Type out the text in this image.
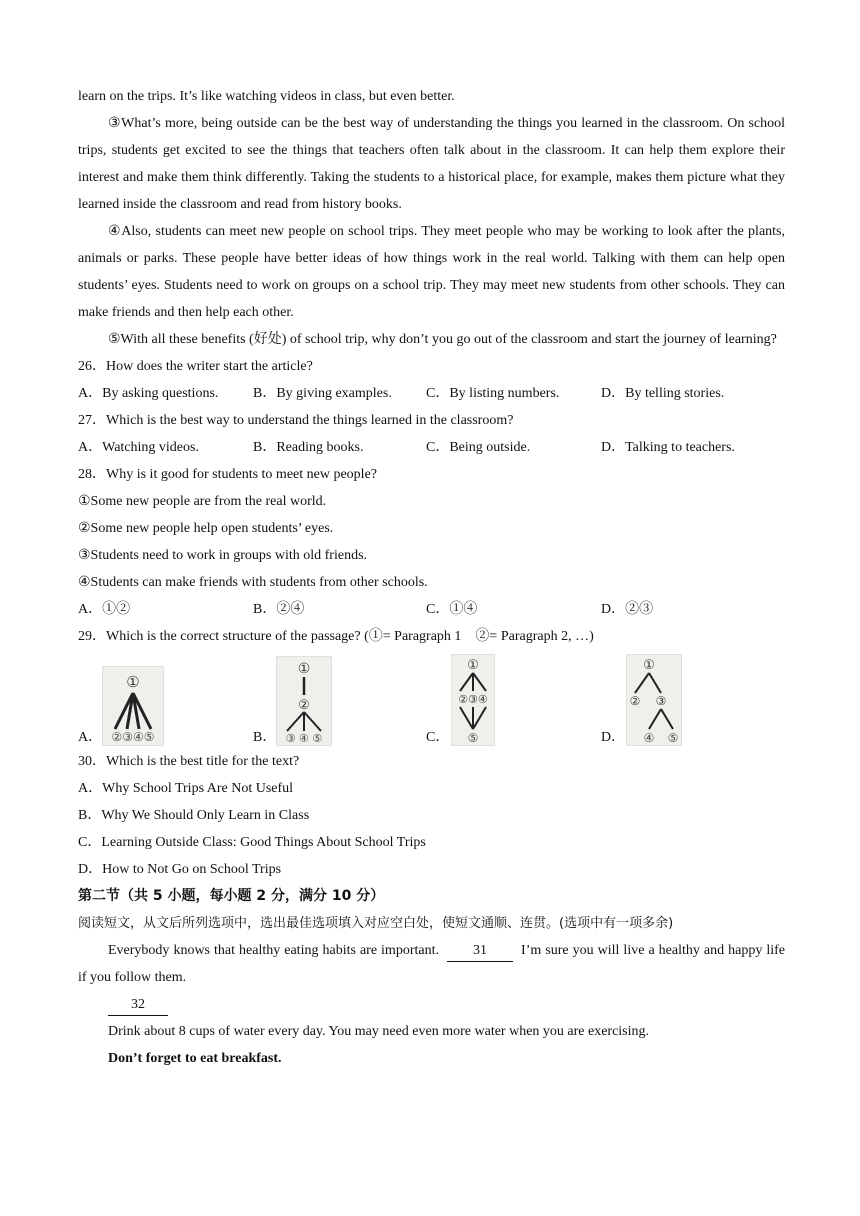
learn on the trips. It’s like watching videos in class, but even better.

③What’s more, being outside can be the best way of understanding the things you learned in the classroom. On school trips, students get excited to see the things that teachers often talk about in the classroom. It can help them explore their interest and make them think differently. Taking the students to a historical place, for example, makes them picture what they learned inside the classroom and read from history books.

④Also, students can meet new people on school trips. They meet people who may be working to look after the plants, animals or parks. These people have better ideas of how things work in the real world. Talking with them can help open students’ eyes. Students need to work on groups on a school trip. They may meet new students from other schools. They can make friends and then help each other.

⑤With all these benefits (好处) of school trip, why don’t you go out of the classroom and start the journey of learning?

26．How does the writer start the article?
A．By asking questions. B．By giving examples. C．By listing numbers.	D．By telling stories.
27．Which is the best way to understand the things learned in the classroom?
A．Watching videos.	B．Reading books.	C．Being outside.	D．Talking to teachers.
28．Why is it good for students to meet new people?
①Some new people are from the real world.
②Some new people help open students’ eyes.
③Students need to work in groups with old friends.
④Students can make friends with students from other schools.
A．①②	B．②④	C．①④	D．②③
29．Which is the correct structure of the passage? (①= Paragraph 1　②= Paragraph 2, …)
A．
①
②③④⑤	B．
①
②
③ ④ ⑤	C．
①
②③④
⑤	D．
①
② ③
④ ⑤
30．Which is the best title for the text?
A．Why School Trips Are Not Useful
B．Why We Should Only Learn in Class
C．Learning Outside Class: Good Things About School Trips
D．How to Not Go on School Trips
第二节（共 5 小题，每小题 2 分，满分 10 分）
阅读短文，从文后所列选项中，选出最佳选项填入对应空白处，使短文通顺、连贯。(选项中有一项多余)

Everybody knows that healthy eating habits are important. 31 I’m sure you will live a healthy and happy life if you follow them.

32
Drink about 8 cups of water every day. You may need even more water when you are exercising.
Don’t forget to eat breakfast.
